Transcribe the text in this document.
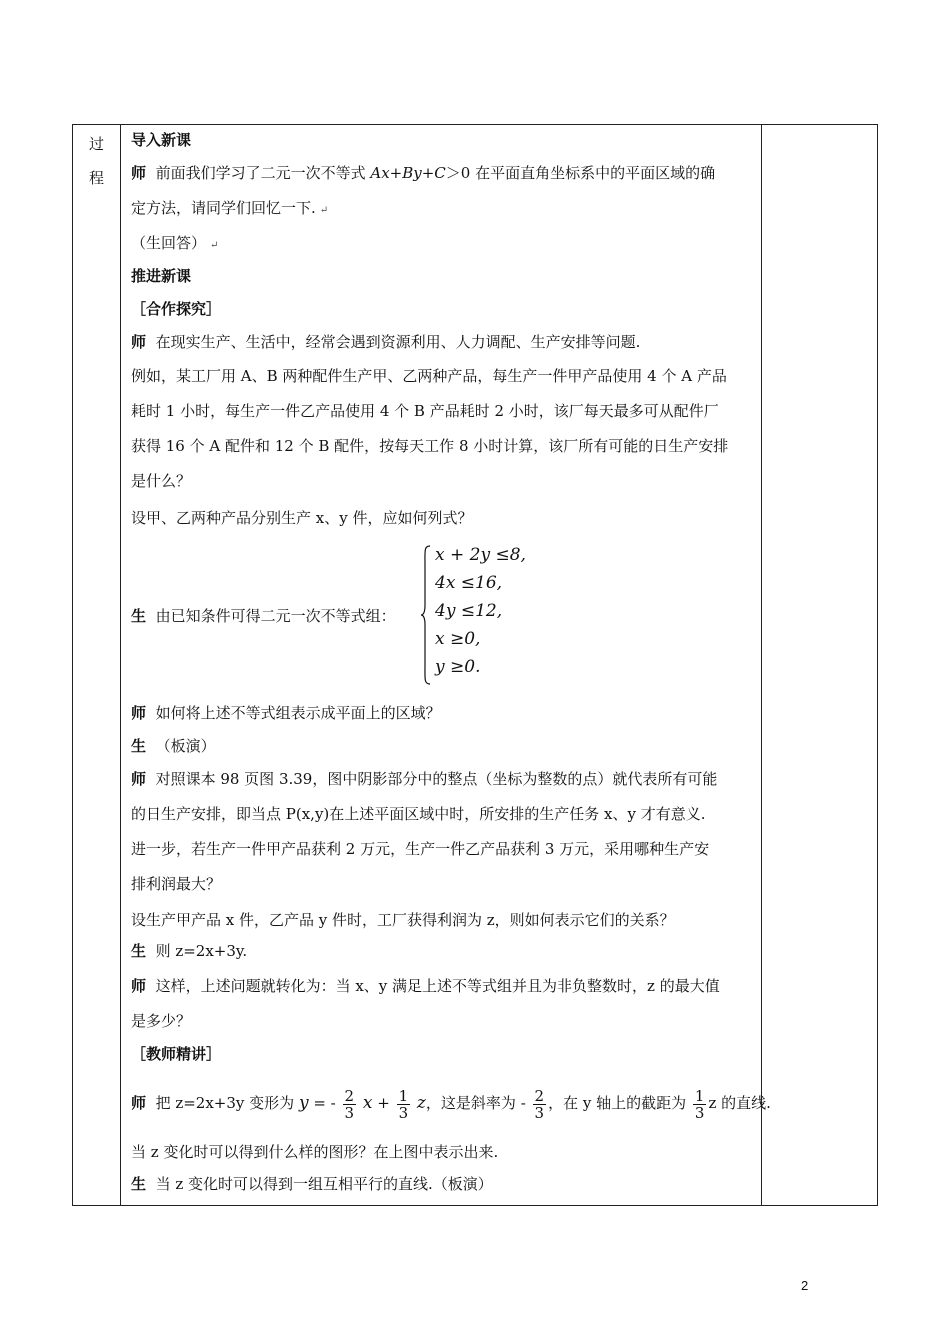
过
程
导入新课
师 前面我们学习了二元一次不等式 Ax+By+C＞0 在平面直角坐标系中的平面区域的确
定方法，请同学们回忆一下. ↵
（生回答） ↵
推进新课
［合作探究］
师 在现实生产、生活中，经常会遇到资源利用、人力调配、生产安排等问题.
例如，某工厂用 A、B 两种配件生产甲、乙两种产品，每生产一件甲产品使用 4 个 A 产品
耗时 1 小时，每生产一件乙产品使用 4 个 B 产品耗时 2 小时，该厂每天最多可从配件厂
获得 16 个 A 配件和 12 个 B 配件，按每天工作 8 小时计算，该厂所有可能的日生产安排
是什么？
设甲、乙两种产品分别生产 x、y 件，应如何列式？
生 由已知条件可得二元一次不等式组：
x + 2y ≤8,
4x ≤16,
4y ≤12,
x ≥0,
y ≥0.
师 如何将上述不等式组表示成平面上的区域？
生 （板演）
师 对照课本 98 页图 3.39，图中阴影部分中的整点（坐标为整数的点）就代表所有可能
的日生产安排，即当点 P(x,y)在上述平面区域中时，所安排的生产任务 x、y 才有意义.
进一步，若生产一件甲产品获利 2 万元，生产一件乙产品获利 3 万元，采用哪种生产安
排利润最大？
设生产甲产品 x 件，乙产品 y 件时，工厂获得利润为 z，则如何表示它们的关系？
生 则 z=2x+3y.
师 这样，上述问题就转化为：当 x、y 满足上述不等式组并且为非负整数时，z 的最大值
是多少？
［教师精讲］
师 把 z=2x+3y 变形为 y = - $\frac{2}{3}$ $x + \frac{1}{3}$ z，这是斜率为 - $\frac{2}{3}$ ，在 y 轴上的截距为 $\frac{1}{3}$ z 的直线.
当 z 变化时可以得到什么样的图形？在上图中表示出来.
生 当 z 变化时可以得到一组互相平行的直线.（板演）
2
